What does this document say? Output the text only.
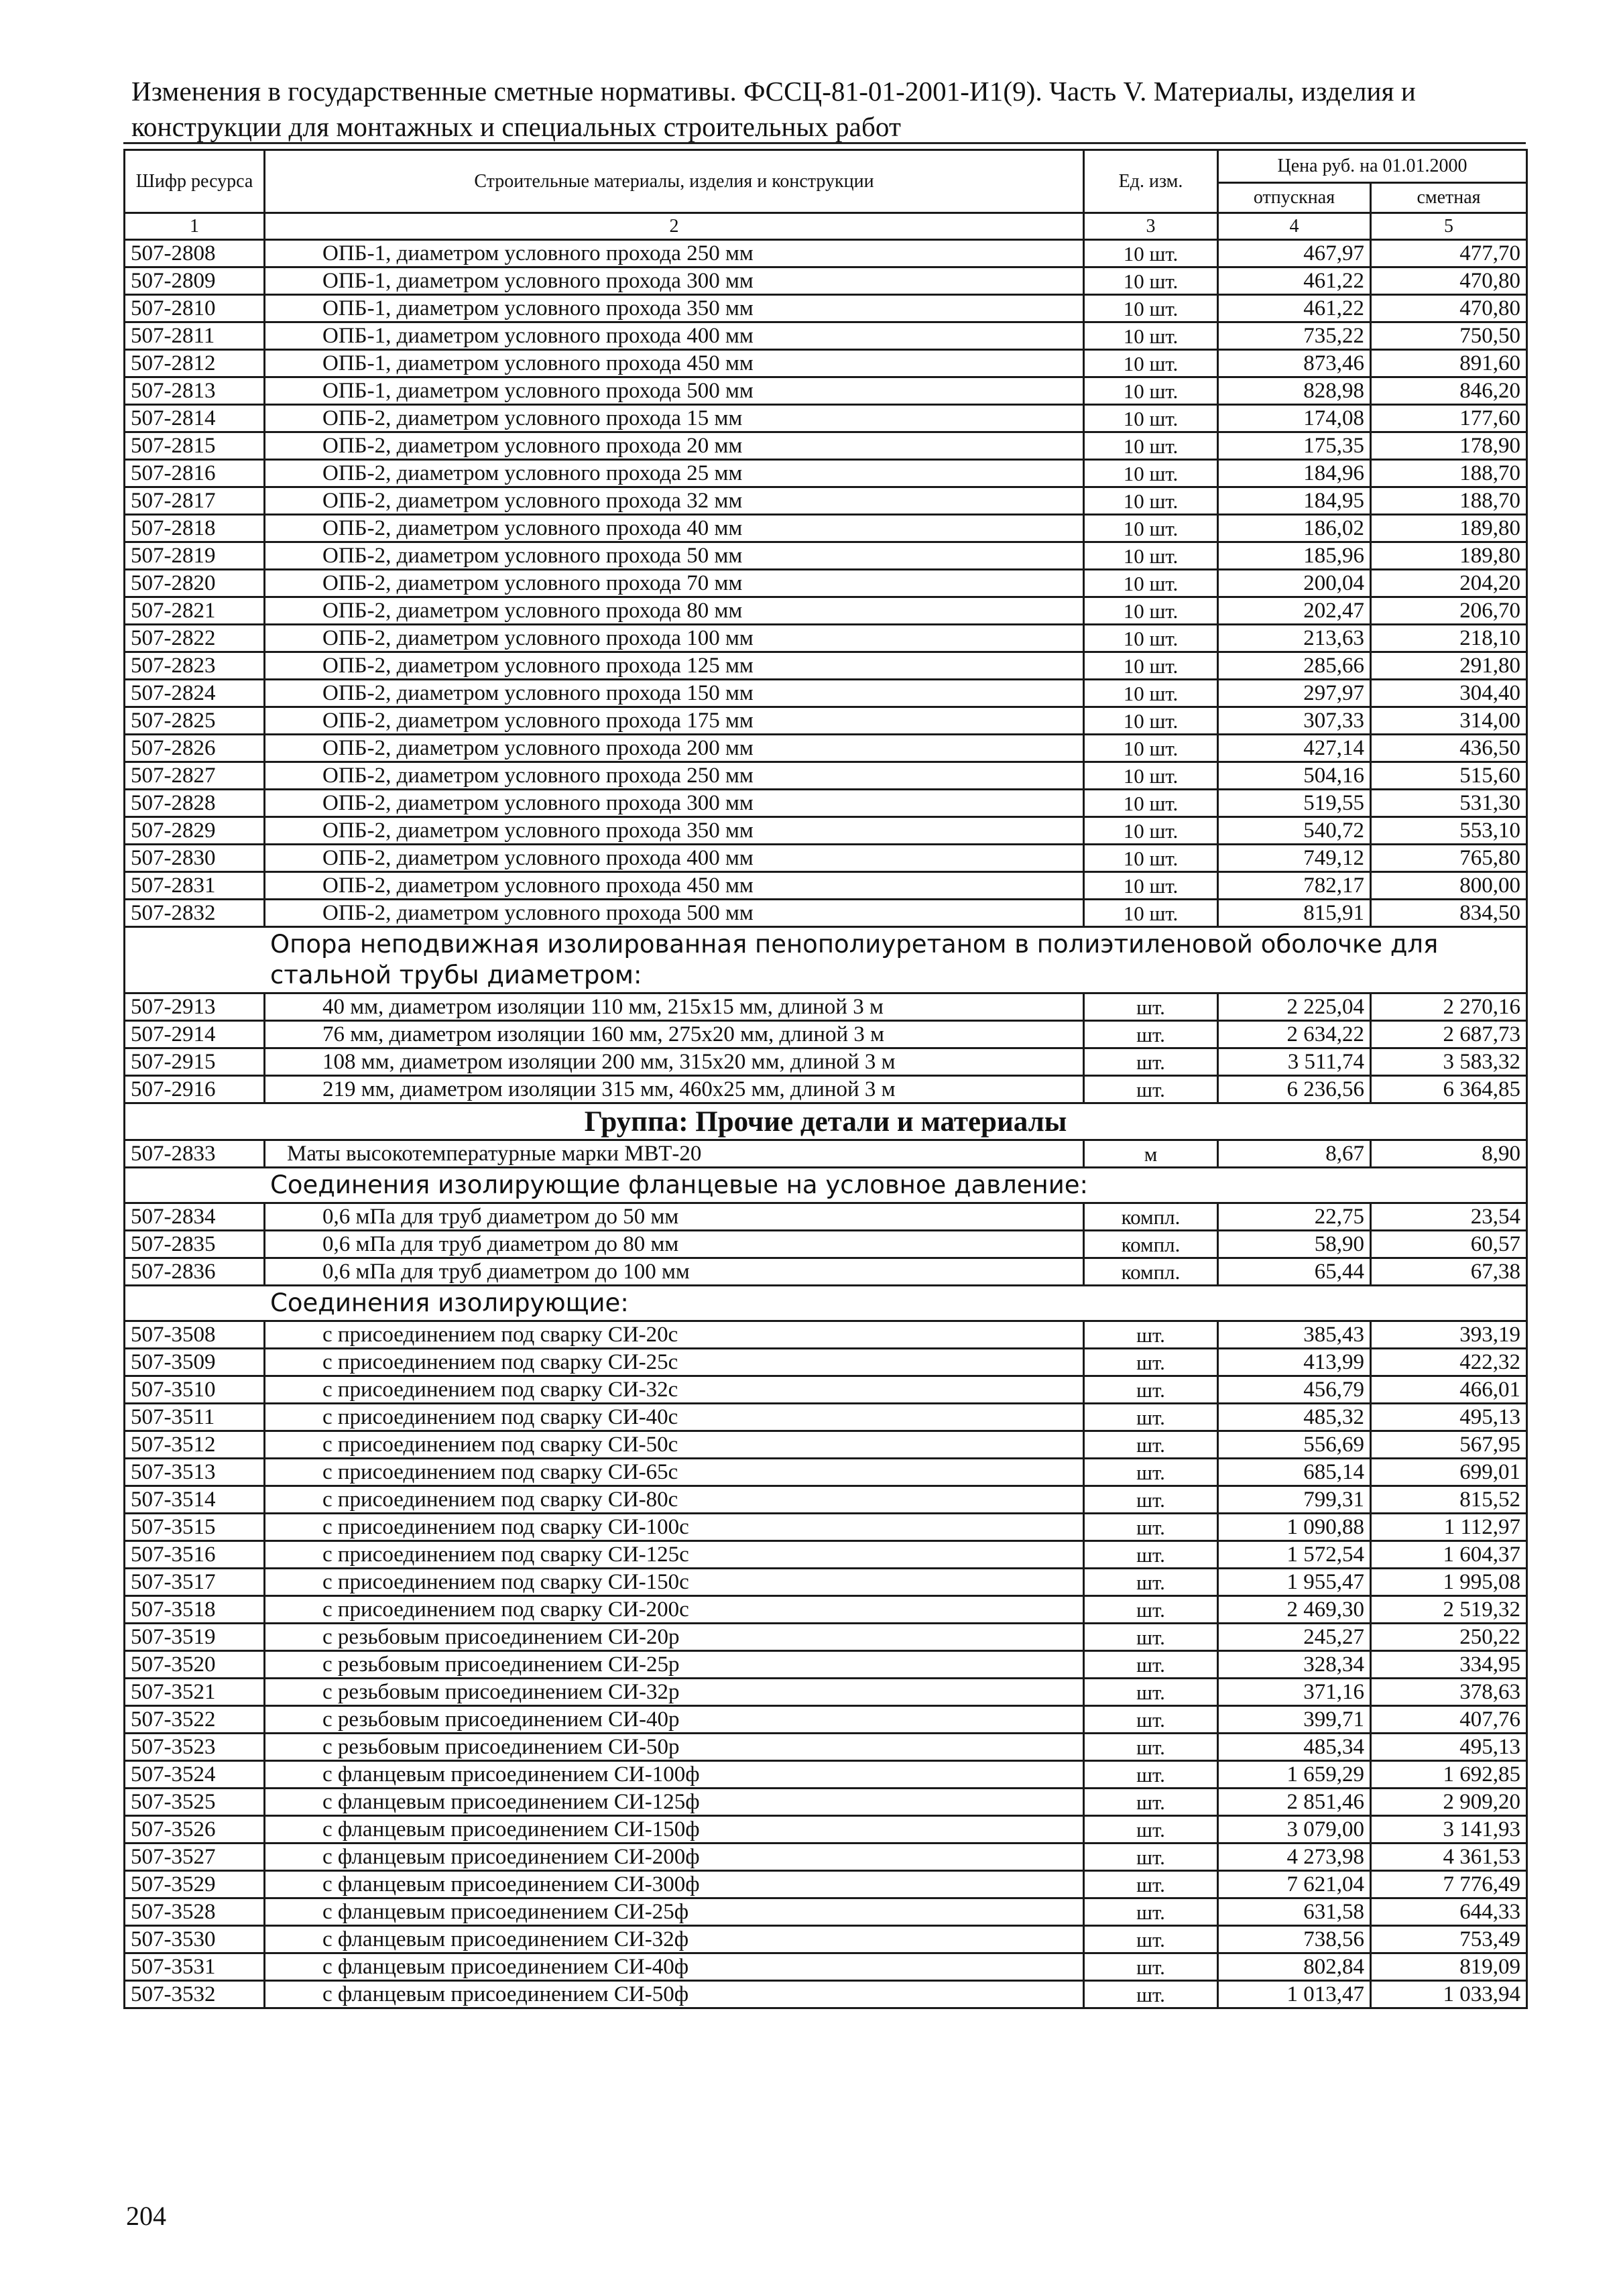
Изменения в государственные сметные нормативы. ФССЦ-81-01-2001-И1(9). Часть V. Материалы, изделия и
конструкции для монтажных и специальных строительных работ
Шифр ресурса	Строительные материалы, изделия и конструкции	Ед. изм.	Цена руб. на 01.01.2000	
			отпускная	сметная
1	2	3	4	5
507-2808	ОПБ-1, диаметром условного прохода 250 мм	10 шт.	467,97	477,70
507-2809	ОПБ-1, диаметром условного прохода 300 мм	10 шт.	461,22	470,80
507-2810	ОПБ-1, диаметром условного прохода 350 мм	10 шт.	461,22	470,80
507-2811	ОПБ-1, диаметром условного прохода 400 мм	10 шт.	735,22	750,50
507-2812	ОПБ-1, диаметром условного прохода 450 мм	10 шт.	873,46	891,60
507-2813	ОПБ-1, диаметром условного прохода 500 мм	10 шт.	828,98	846,20
507-2814	ОПБ-2, диаметром условного прохода 15 мм	10 шт.	174,08	177,60
507-2815	ОПБ-2, диаметром условного прохода 20 мм	10 шт.	175,35	178,90
507-2816	ОПБ-2, диаметром условного прохода 25 мм	10 шт.	184,96	188,70
507-2817	ОПБ-2, диаметром условного прохода 32 мм	10 шт.	184,95	188,70
507-2818	ОПБ-2, диаметром условного прохода 40 мм	10 шт.	186,02	189,80
507-2819	ОПБ-2, диаметром условного прохода 50 мм	10 шт.	185,96	189,80
507-2820	ОПБ-2, диаметром условного прохода 70 мм	10 шт.	200,04	204,20
507-2821	ОПБ-2, диаметром условного прохода 80 мм	10 шт.	202,47	206,70
507-2822	ОПБ-2, диаметром условного прохода 100 мм	10 шт.	213,63	218,10
507-2823	ОПБ-2, диаметром условного прохода 125 мм	10 шт.	285,66	291,80
507-2824	ОПБ-2, диаметром условного прохода 150 мм	10 шт.	297,97	304,40
507-2825	ОПБ-2, диаметром условного прохода 175 мм	10 шт.	307,33	314,00
507-2826	ОПБ-2, диаметром условного прохода 200 мм	10 шт.	427,14	436,50
507-2827	ОПБ-2, диаметром условного прохода 250 мм	10 шт.	504,16	515,60
507-2828	ОПБ-2, диаметром условного прохода 300 мм	10 шт.	519,55	531,30
507-2829	ОПБ-2, диаметром условного прохода 350 мм	10 шт.	540,72	553,10
507-2830	ОПБ-2, диаметром условного прохода 400 мм	10 шт.	749,12	765,80
507-2831	ОПБ-2, диаметром условного прохода 450 мм	10 шт.	782,17	800,00
507-2832	ОПБ-2, диаметром условного прохода 500 мм	10 шт.	815,91	834,50
Опора неподвижная изолированная пенополиуретаном в полиэтиленовой оболочке для стальной трубы диаметром:				
507-2913	40 мм, диаметром изоляции 110 мм, 215х15 мм, длиной 3 м	шт.	2 225,04	2 270,16
507-2914	76 мм, диаметром изоляции 160 мм, 275х20 мм, длиной 3 м	шт.	2 634,22	2 687,73
507-2915	108 мм, диаметром изоляции 200 мм, 315х20 мм, длиной 3 м	шт.	3 511,74	3 583,32
507-2916	219 мм, диаметром изоляции 315 мм, 460х25 мм, длиной 3 м	шт.	6 236,56	6 364,85
Группа: Прочие детали и материалы				
507-2833	Маты высокотемпературные марки МВТ-20	м	8,67	8,90
Соединения изолирующие фланцевые на условное давление:				
507-2834	0,6 мПа для труб диаметром до 50 мм	компл.	22,75	23,54
507-2835	0,6 мПа для труб диаметром до 80 мм	компл.	58,90	60,57
507-2836	0,6 мПа для труб диаметром до 100 мм	компл.	65,44	67,38
Соединения изолирующие:				
507-3508	с присоединением под сварку СИ-20с	шт.	385,43	393,19
507-3509	с присоединением под сварку СИ-25с	шт.	413,99	422,32
507-3510	с присоединением под сварку СИ-32с	шт.	456,79	466,01
507-3511	с присоединением под сварку СИ-40с	шт.	485,32	495,13
507-3512	с присоединением под сварку СИ-50с	шт.	556,69	567,95
507-3513	с присоединением под сварку СИ-65с	шт.	685,14	699,01
507-3514	с присоединением под сварку СИ-80с	шт.	799,31	815,52
507-3515	с присоединением под сварку СИ-100с	шт.	1 090,88	1 112,97
507-3516	с присоединением под сварку СИ-125с	шт.	1 572,54	1 604,37
507-3517	с присоединением под сварку СИ-150с	шт.	1 955,47	1 995,08
507-3518	с присоединением под сварку СИ-200с	шт.	2 469,30	2 519,32
507-3519	с резьбовым присоединением СИ-20р	шт.	245,27	250,22
507-3520	с резьбовым присоединением СИ-25р	шт.	328,34	334,95
507-3521	с резьбовым присоединением СИ-32р	шт.	371,16	378,63
507-3522	с резьбовым присоединением СИ-40р	шт.	399,71	407,76
507-3523	с резьбовым присоединением СИ-50р	шт.	485,34	495,13
507-3524	с фланцевым присоединением СИ-100ф	шт.	1 659,29	1 692,85
507-3525	с фланцевым присоединением СИ-125ф	шт.	2 851,46	2 909,20
507-3526	с фланцевым присоединением СИ-150ф	шт.	3 079,00	3 141,93
507-3527	с фланцевым присоединением СИ-200ф	шт.	4 273,98	4 361,53
507-3529	с фланцевым присоединением СИ-300ф	шт.	7 621,04	7 776,49
507-3528	с фланцевым присоединением СИ-25ф	шт.	631,58	644,33
507-3530	с фланцевым присоединением СИ-32ф	шт.	738,56	753,49
507-3531	с фланцевым присоединением СИ-40ф	шт.	802,84	819,09
507-3532	с фланцевым присоединением СИ-50ф	шт.	1 013,47	1 033,94
204
